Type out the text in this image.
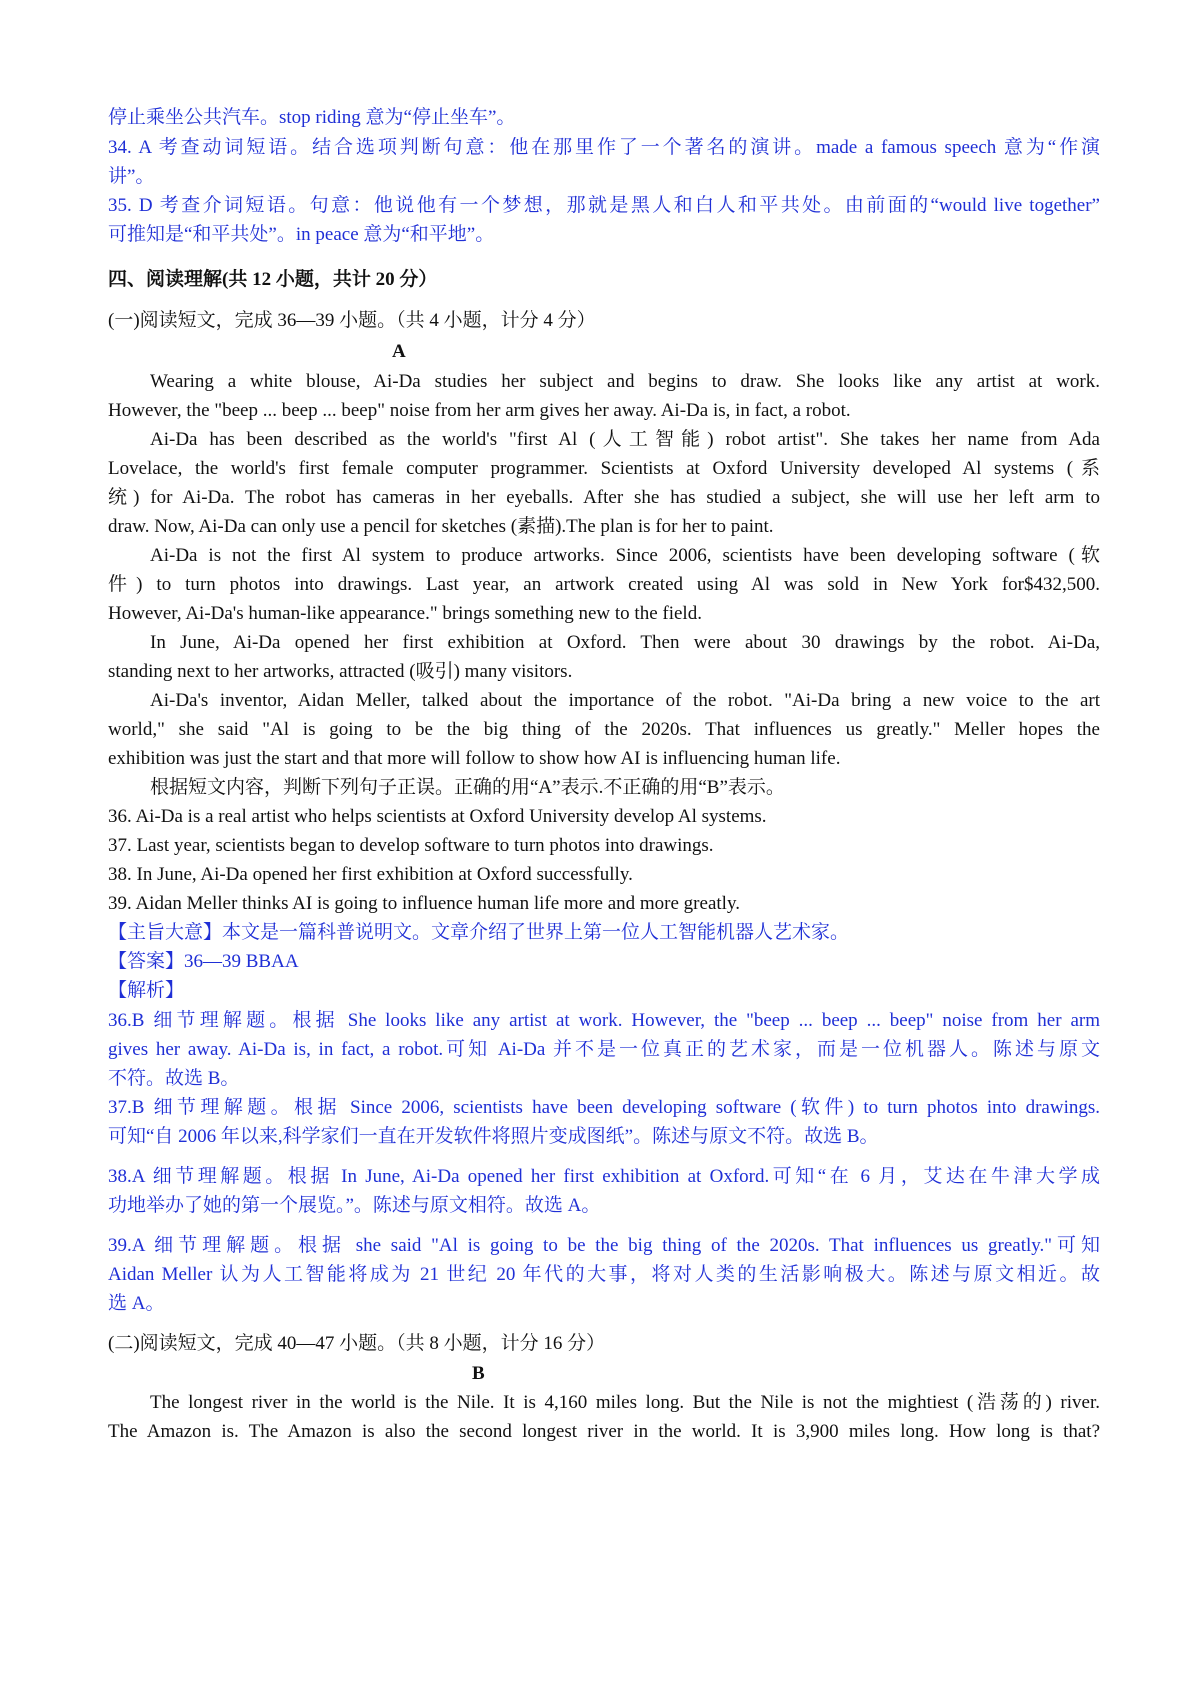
停止乘坐公共汽车。stop riding 意为“停止坐车”。

34. A 考查动词短语。结合选项判断句意：他在那里作了一个著名的演讲。made a famous speech 意为“作演

讲”。

35. D 考查介词短语。句意：他说他有一个梦想，那就是黑人和白人和平共处。由前面的“would live together”

可推知是“和平共处”。in peace 意为“和平地”。

四、阅读理解(共 12 小题，共计 20 分）

(一)阅读短文，完成 36—39 小题。（共 4 小题，计分 4 分）

A

Wearing a white blouse, Ai-Da studies her subject and begins to draw. She looks like any artist at work.

However, the "beep ... beep ... beep" noise from her arm gives her away. Ai-Da is, in fact, a robot.

Ai-Da has been described as the world's "first Al (人工智能) robot artist". She takes her name from Ada

Lovelace, the world's first female computer programmer. Scientists at Oxford University developed Al systems (系

统) for Ai-Da. The robot has cameras in her eyeballs. After she has studied a subject, she will use her left arm to

draw. Now, Ai-Da can only use a pencil for sketches (素描).The plan is for her to paint.

Ai-Da is not the first Al system to produce artworks. Since 2006, scientists have been developing software (软

件) to turn photos into drawings. Last year, an artwork created using Al was sold in New York for$432,500.

However, Ai-Da's human-like appearance." brings something new to the field.

In June, Ai-Da opened her first exhibition at Oxford. Then were about 30 drawings by the robot. Ai-Da,

standing next to her artworks, attracted (吸引) many visitors.

Ai-Da's inventor, Aidan Meller, talked about the importance of the robot. "Ai-Da bring a new voice to the art

world," she said "Al is going to be the big thing of the 2020s. That influences us greatly." Meller hopes the

exhibition was just the start and that more will follow to show how AI is influencing human life.

根据短文内容，判断下列句子正误。正确的用“A”表示.不正确的用“B”表示。

36. Ai-Da is a real artist who helps scientists at Oxford University develop Al systems.

37. Last year, scientists began to develop software to turn photos into drawings.

38. In June, Ai-Da opened her first exhibition at Oxford successfully.

39. Aidan Meller thinks AI is going to influence human life more and more greatly.

【主旨大意】本文是一篇科普说明文。文章介绍了世界上第一位人工智能机器人艺术家。

【答案】36—39 BBAA

【解析】

36.B 细节理解题。根据 She looks like any artist at work. However, the "beep ... beep ... beep" noise from her arm

gives her away. Ai-Da is, in fact, a robot.可知 Ai-Da 并不是一位真正的艺术家，而是一位机器人。陈述与原文

不符。故选 B。

37.B 细节理解题。根据 Since 2006, scientists have been developing software (软件) to turn photos into drawings.

可知“自 2006 年以来,科学家们一直在开发软件将照片变成图纸”。陈述与原文不符。故选 B。

38.A 细节理解题。根据 In June, Ai-Da opened her first exhibition at Oxford.可知“在 6 月，艾达在牛津大学成

功地举办了她的第一个展览。”。陈述与原文相符。故选 A。

39.A 细节理解题。根据 she said "Al is going to be the big thing of the 2020s. That influences us greatly."可知

Aidan Meller 认为人工智能将成为 21 世纪 20 年代的大事，将对人类的生活影响极大。陈述与原文相近。故

选 A。

(二)阅读短文，完成 40—47 小题。（共 8 小题，计分 16 分）

B

The longest river in the world is the Nile. It is 4,160 miles long. But the Nile is not the mightiest (浩荡的) river.

The Amazon is. The Amazon is also the second longest river in the world. It is 3,900 miles long. How long is that?
